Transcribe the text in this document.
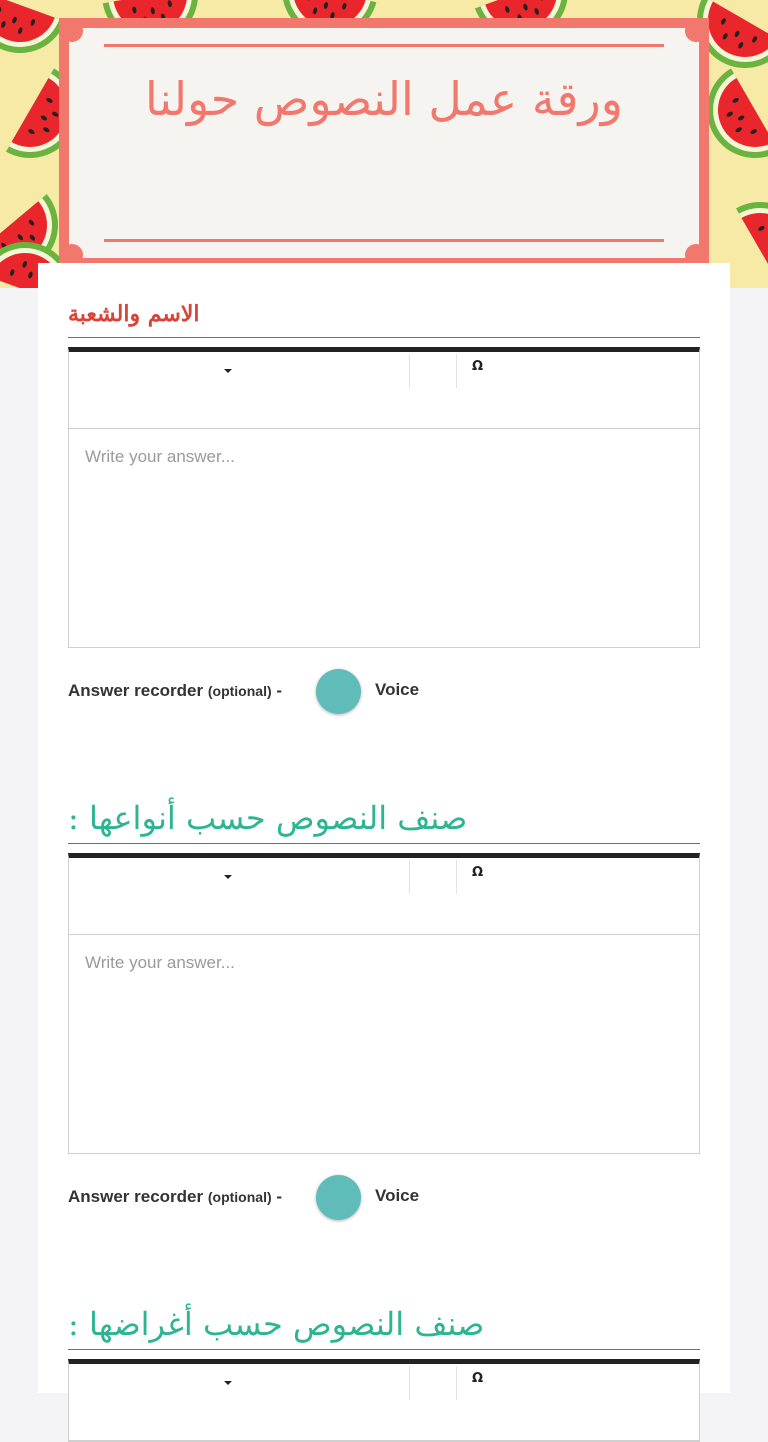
ورقة عمل النصوص حولنا
الاسم والشعبة
Ω
Write your answer...
Answer recorder (optional) -	Voice
صنف النصوص حسب أنواعها :
Ω
Write your answer...
Answer recorder (optional) -	Voice
صنف النصوص حسب أغراضها :
Ω
